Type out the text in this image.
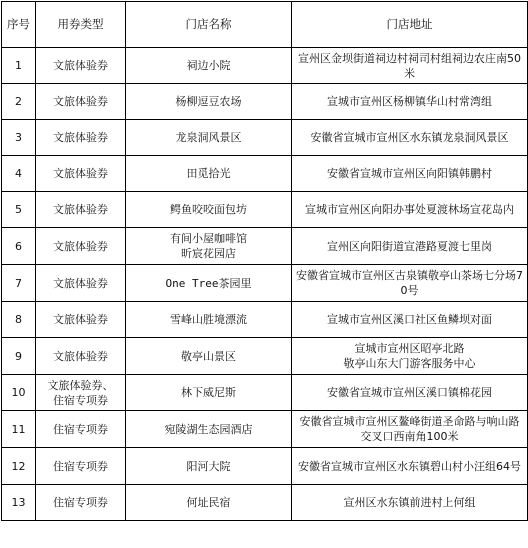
序号	用券类型	门店名称	门店地址
1	文旅体验券	祠边小院	宣州区金坝街道祠边村祠司村组祠边农庄南50米
2	文旅体验券	杨柳逗豆农场	宣城市宣州区杨柳镇华山村常湾组
3	文旅体验券	龙泉洞风景区	安徽省宣城市宣州区水东镇龙泉洞风景区
4	文旅体验券	田觅拾光	安徽省宣城市宣州区向阳镇韩鹏村
5	文旅体验券	鳄鱼咬咬面包坊	宣城市宣州区向阳办事处夏渡林场宣花岛内
6	文旅体验券	有间小屋咖啡馆
昕宸花园店	宣州区向阳街道宣港路夏渡七里岗
7	文旅体验券	One Tree茶园里	安徽省宣城市宣州区古泉镇敬亭山茶场七分场70号
8	文旅体验券	雪峰山胜境漂流	宣城市宣州区溪口社区鱼鳞坝对面
9	文旅体验券	敬亭山景区	宣城市宣州区昭亭北路
敬亭山东大门游客服务中心
10	文旅体验券、
住宿专项券	林下威尼斯	安徽省宣城市宣州区溪口镇棉花园
11	住宿专项券	宛陵湖生态园酒店	安徽省宣城市宣州区鳌峰街道圣命路与响山路交叉口西南角100米
12	住宿专项券	阳河大院	安徽省宣城市宣州区水东镇碧山村小汪组64号
13	住宿专项券	何址民宿	宣州区水东镇前进村上何组
